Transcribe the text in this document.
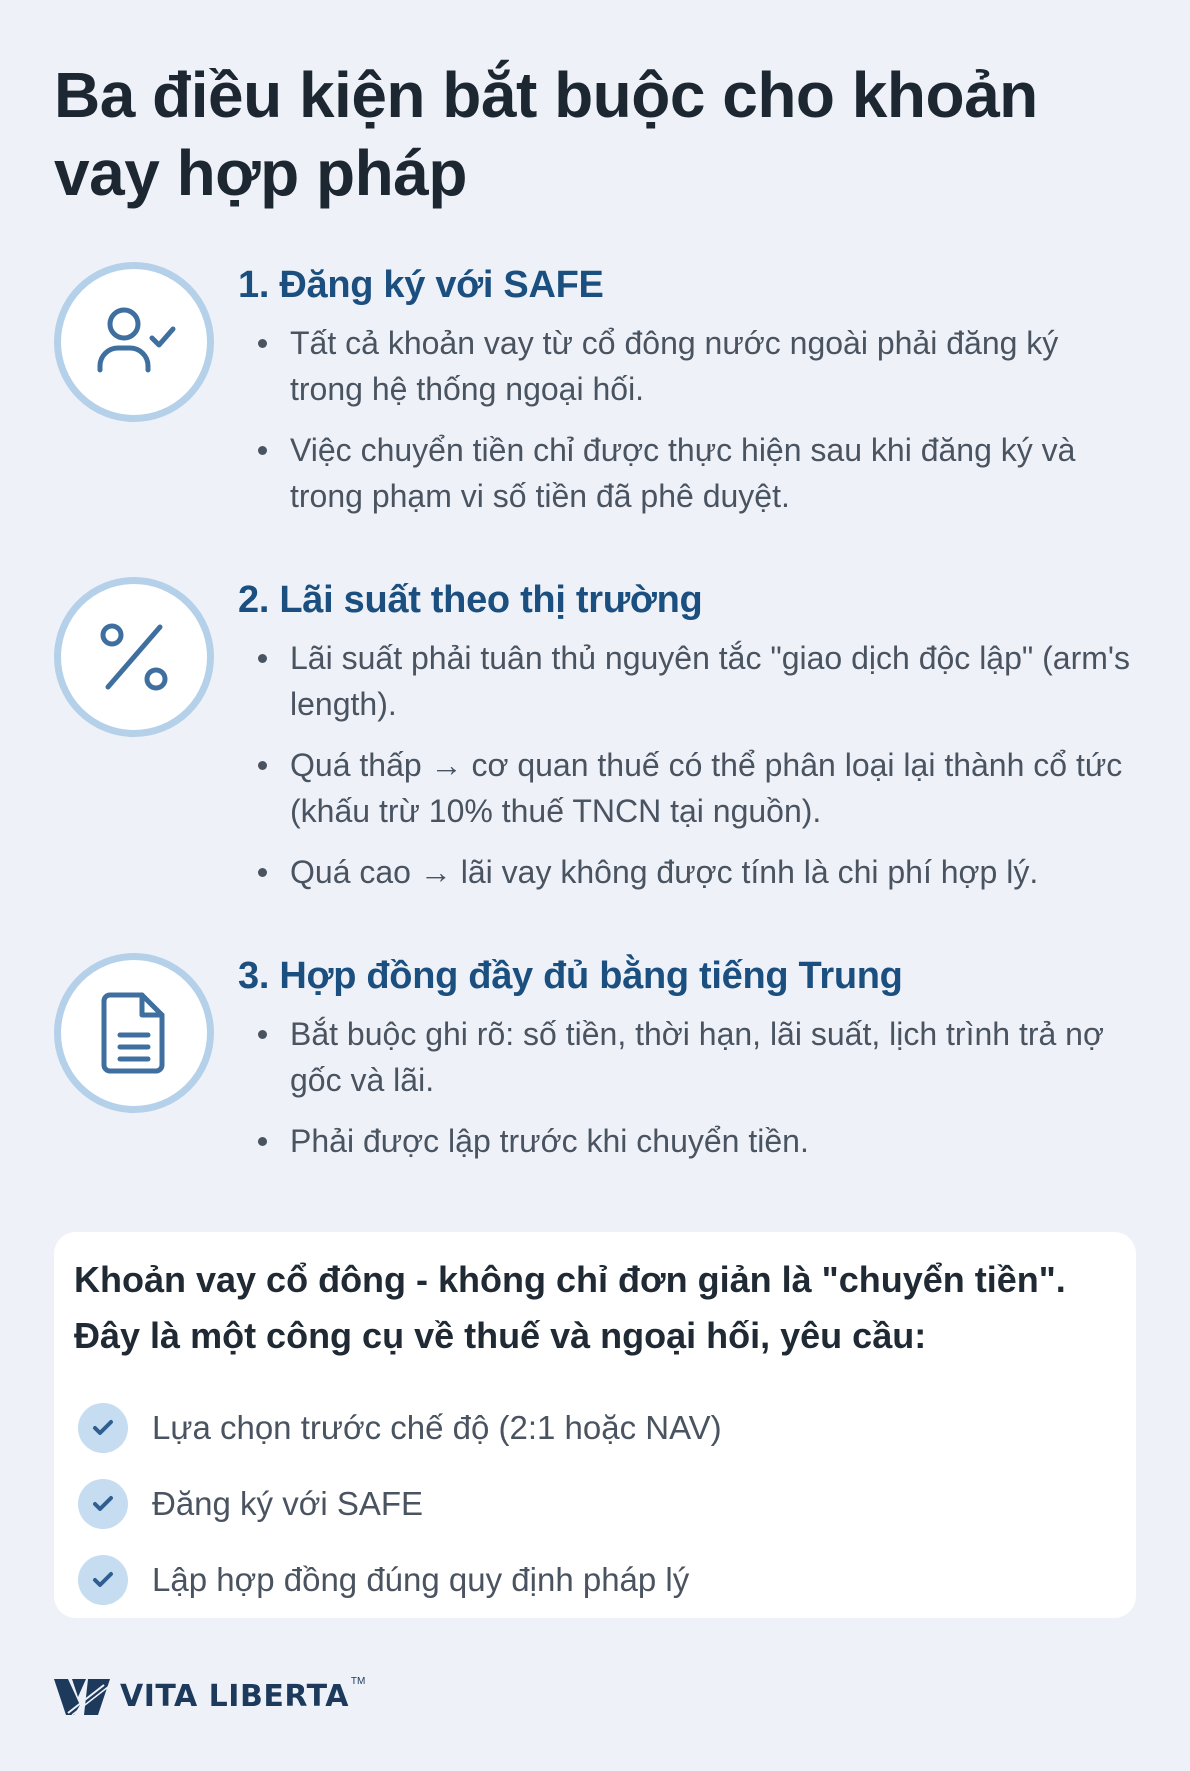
Ba điều kiện bắt buộc cho khoản vay hợp pháp
1. Đăng ký với SAFE
Tất cả khoản vay từ cổ đông nước ngoài phải đăng ký trong hệ thống ngoại hối.
Việc chuyển tiền chỉ được thực hiện sau khi đăng ký và trong phạm vi số tiền đã phê duyệt.
2. Lãi suất theo thị trường
Lãi suất phải tuân thủ nguyên tắc "giao dịch độc lập" (arm's length).
Quá thấp → cơ quan thuế có thể phân loại lại thành cổ tức (khấu trừ 10% thuế TNCN tại nguồn).
Quá cao → lãi vay không được tính là chi phí hợp lý.
3. Hợp đồng đầy đủ bằng tiếng Trung
Bắt buộc ghi rõ: số tiền, thời hạn, lãi suất, lịch trình trả nợ gốc và lãi.
Phải được lập trước khi chuyển tiền.

Khoản vay cổ đông - không chỉ đơn giản là "chuyển tiền".
Đây là một công cụ về thuế và ngoại hối, yêu cầu:

Lựa chọn trước chế độ (2:1 hoặc NAV)
Đăng ký với SAFE
Lập hợp đồng đúng quy định pháp lý
VITA LIBERTA TM
